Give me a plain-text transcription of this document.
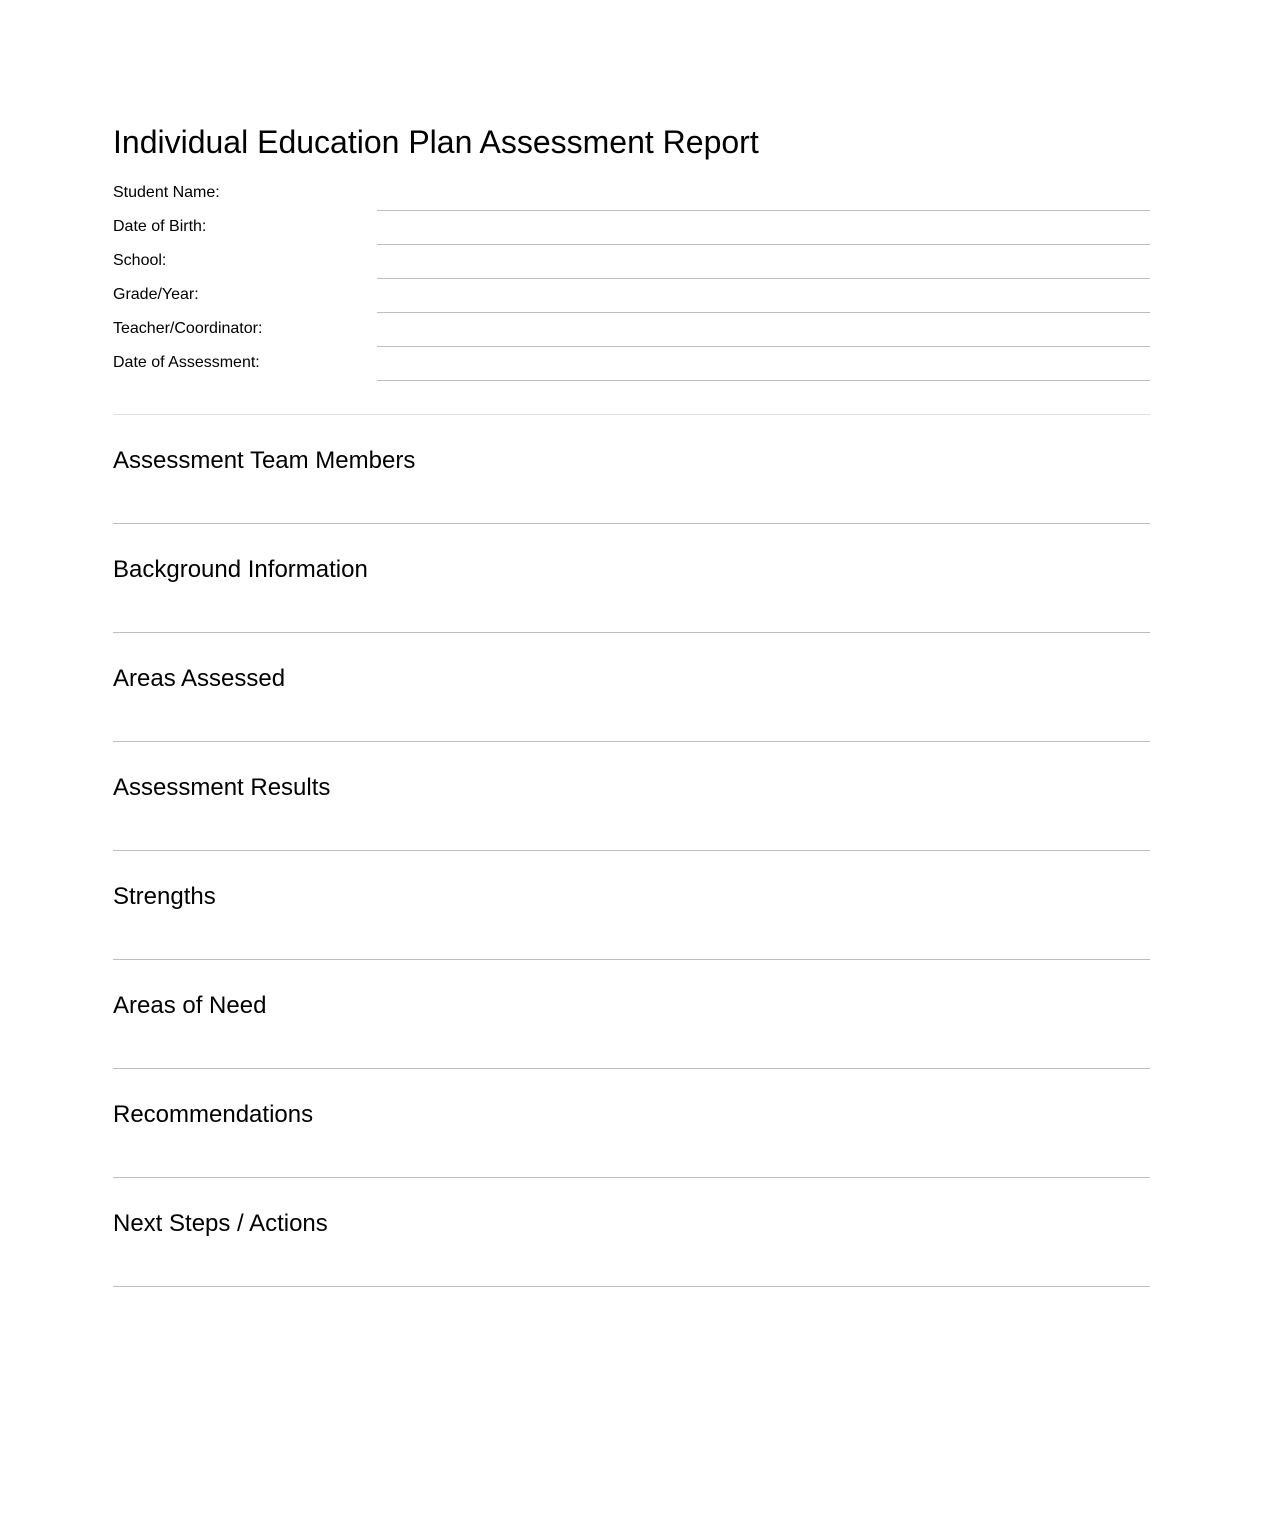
Individual Education Plan Assessment Report
Student Name:
Date of Birth:
School:
Grade/Year:
Teacher/Coordinator:
Date of Assessment:
Assessment Team Members
Background Information
Areas Assessed
Assessment Results
Strengths
Areas of Need
Recommendations
Next Steps / Actions
